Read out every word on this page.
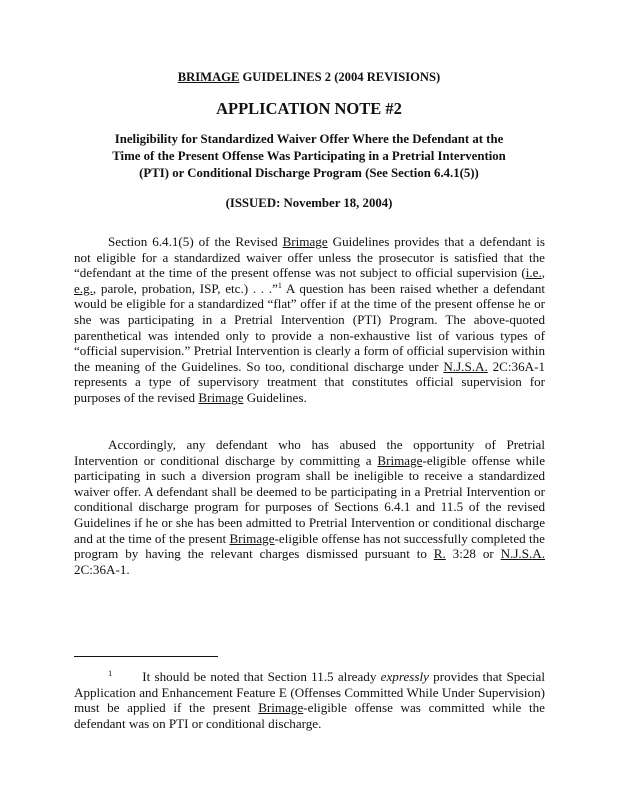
BRIMAGE GUIDELINES 2 (2004 REVISIONS)
APPLICATION NOTE #2
Ineligibility for Standardized Waiver Offer Where the Defendant at the
Time of the Present Offense Was Participating in a Pretrial Intervention
(PTI) or Conditional Discharge Program (See Section 6.4.1(5))
(ISSUED: November 18, 2004)

Section 6.4.1(5) of the Revised Brimage Guidelines provides that a defendant is not eligible for a standardized waiver offer unless the prosecutor is satisfied that the “defendant at the time of the present offense was not subject to official supervision (i.e., e.g., parole, probation, ISP, etc.) . . .”$^1$ A question has been raised whether a defendant would be eligible for a standardized “flat” offer if at the time of the present offense he or she was participating in a Pretrial Intervention (PTI) Program. The above-quoted parenthetical was intended only to provide a non-exhaustive list of various types of “official supervision.” Pretrial Intervention is clearly a form of official supervision within the meaning of the Guidelines. So too, conditional discharge under N.J.S.A. 2C:36A-1 represents a type of supervisory treatment that constitutes official supervision for purposes of the revised Brimage Guidelines.

Accordingly, any defendant who has abused the opportunity of Pretrial Intervention or conditional discharge by committing a Brimage-eligible offense while participating in such a diversion program shall be ineligible to receive a standardized waiver offer. A defendant shall be deemed to be participating in a Pretrial Intervention or conditional discharge program for purposes of Sections 6.4.1 and 11.5 of the revised Guidelines if he or she has been admitted to Pretrial Intervention or conditional discharge and at the time of the present Brimage-eligible offense has not successfully completed the program by having the relevant charges dismissed pursuant to R. 3:28 or N.J.S.A. 2C:36A-1.

$^1$ It should be noted that Section 11.5 already expressly provides that Special Application and Enhancement Feature E (Offenses Committed While Under Supervision) must be applied if the present Brimage-eligible offense was committed while the defendant was on PTI or conditional discharge.
